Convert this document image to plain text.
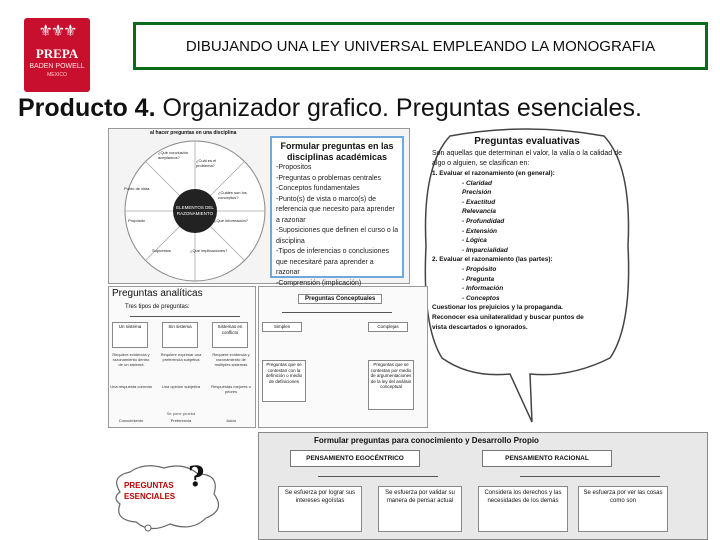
⚜⚜⚜
PREPA
BADEN POWELL
MEXICO
DIBUJANDO UNA LEY UNIVERSAL EMPLEANDO LA MONOGRAFIA
Producto 4. Organizador grafico. Preguntas esenciales.
al hacer preguntas en una disciplina
ELEMENTOS DEL
RAZONAMIENTO
¿Qué conclusión aceptamos?
¿Cuál es el problema?
¿Cuáles son los conceptos?
¿Qué información?
¿Qué implicaciones?
Supuestos
Propósito
Punto de vista
Formular preguntas en las disciplinas académicas
-Propositos
-Preguntas o problemas centrales
-Conceptos fundamentales
-Punto(s) de vista o marco(s) de
referencia que necesito para aprender
a razonar
-Suposiciones que definen el curso o la
disciplina
-Tipos de inferencias o conclusiones
que necesitaré para aprender a
razonar
-Comprensión (implicación)
Preguntas evaluativas
Son aquellas que determinan el valor, la valía o la calidad de algo o alguien, se clasifican en:
1. Evaluar el razonamiento (en general):
- Claridad
Precisión
- Exactitud
Relevancia
- Profundidad
- Extensión
- Lógica
- Imparcialidad
2. Evaluar el razonamiento (las partes):
- Propósito
- Pregunta
- Información
- Conceptos
Cuestionar los prejuicios y la propaganda.
Reconocer esa unilateralidad y buscar puntos de
vista descartados o ignorados.
Preguntas analíticas
Tres tipos de preguntas:
Un sistema	Sin sistema	Sistemas en conflicto
Requiere evidencia y razonamiento dentro de un sistema
Requiere expresar una preferencia subjetiva
Requiere evidencia y razonamiento de múltiples sistemas
Una respuesta correcta	Una opinión subjetiva	Respuestas mejores o peores
Conocimiento	Preferencia	Juicio
Se pone prueba
Preguntas Conceptuales
Simples	Complejas
Preguntas que se contestan con la definición o medio de definiciones
Preguntas que se contestan por medio de argumentaciones de la ley del análisis conceptual
Formular preguntas para conocimiento y Desarrollo Propio
PENSAMIENTO EGOCÉNTRICO	PENSAMIENTO RACIONAL
Se esfuerza por lograr sus intereses egoístas
Se esfuerza por validar su manera de pensar actual
Considera los derechos y las necesidades de los demás
Se esfuerza por ver las cosas como son
PREGUNTAS
ESENCIALES
?
